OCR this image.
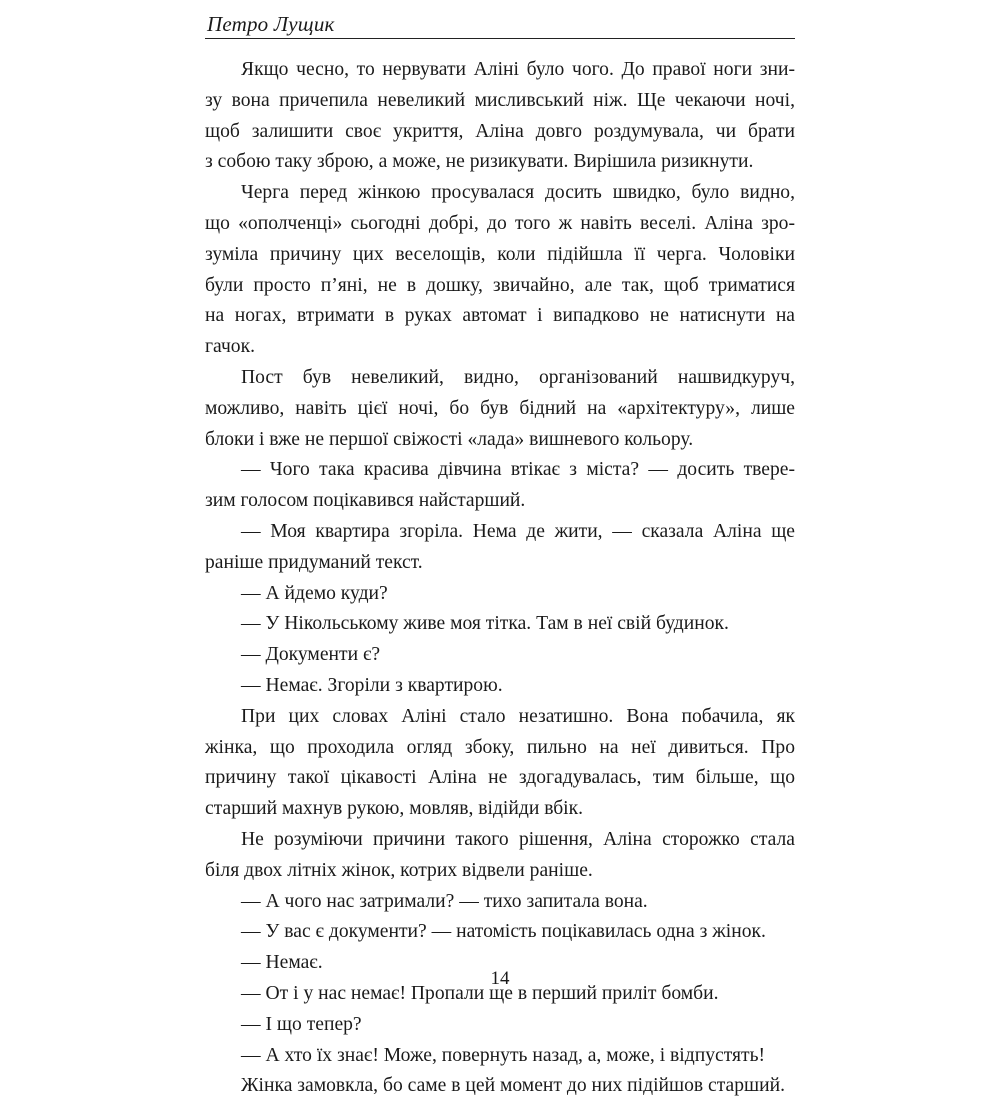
Петро Лущик
Якщо чесно, то нервувати Аліні було чого. До правої ноги зни-
зу вона причепила невеликий мисливський ніж. Ще чекаючи ночі,
щоб залишити своє укриття, Аліна довго роздумувала, чи брати
з собою таку зброю, а може, не ризикувати. Вирішила ризикнути.
Черга перед жінкою просувалася досить швидко, було видно,
що «ополченці» сьогодні добрі, до того ж навіть веселі. Аліна зро-
зуміла причину цих веселощів, коли підійшла її черга. Чоловіки
були просто п’яні, не в дошку, звичайно, але так, щоб триматися
на ногах, втримати в руках автомат і випадково не натиснути на
гачок.
Пост був невеликий, видно, організований нашвидкуруч,
можливо, навіть цієї ночі, бо був бідний на «архітектуру», лише
блоки і вже не першої свіжості «лада» вишневого кольору.
— Чого така красива дівчина втікає з міста? — досить твере-
зим голосом поцікавився найстарший.
— Моя квартира згоріла. Нема де жити, — сказала Аліна ще
раніше придуманий текст.
— А йдемо куди?
— У Нікольському живе моя тітка. Там в неї свій будинок.
— Документи є?
— Немає. Згоріли з квартирою.
При цих словах Аліні стало незатишно. Вона побачила, як
жінка, що проходила огляд збоку, пильно на неї дивиться. Про
причину такої цікавості Аліна не здогадувалась, тим більше, що
старший махнув рукою, мовляв, відійди вбік.
Не розуміючи причини такого рішення, Аліна сторожко стала
біля двох літніх жінок, котрих відвели раніше.
— А чого нас затримали? — тихо запитала вона.
— У вас є документи? — натомість поцікавилась одна з жінок.
— Немає.
— От і у нас немає! Пропали ще в перший приліт бомби.
— І що тепер?
— А хто їх знає! Може, повернуть назад, а, може, і відпустять!
Жінка замовкла, бо саме в цей момент до них підійшов старший.
14
